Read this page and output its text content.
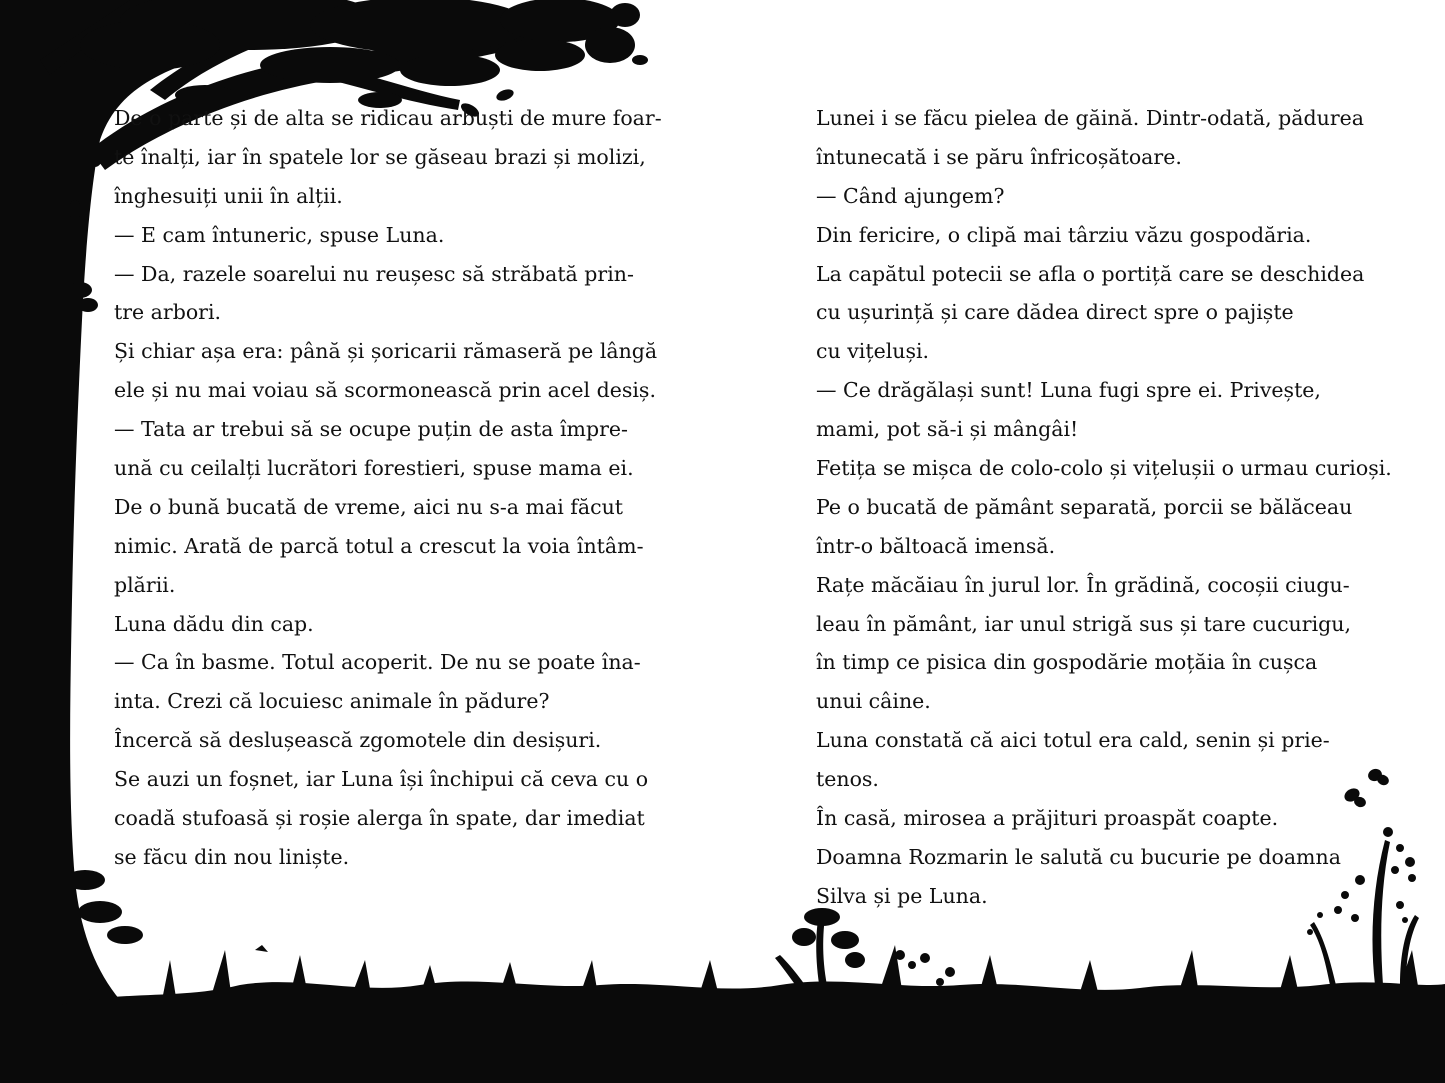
De o parte și de alta se ridicau arbuști de mure foar-
te înalți, iar în spatele lor se găseau brazi și molizi,
înghesuiți unii în alții.
— E cam întuneric, spuse Luna.
— Da, razele soarelui nu reușesc să străbată prin-
tre arbori.
Și chiar așa era: până și șoricarii rămaseră pe lângă
ele și nu mai voiau să scormonească prin acel desiș.
— Tata ar trebui să se ocupe puțin de asta împre-
ună cu ceilalți lucrători forestieri, spuse mama ei.
De o bună bucată de vreme, aici nu s-a mai făcut
nimic. Arată de parcă totul a crescut la voia întâm-
plării.
Luna dădu din cap.
— Ca în basme. Totul acoperit. De nu se poate îna-
inta. Crezi că locuiesc animale în pădure?
Încercă să deslușească zgomotele din desișuri.
Se auzi un foșnet, iar Luna își închipui că ceva cu o
coadă stufoasă și roșie alerga în spate, dar imediat
se făcu din nou liniște.
Lunei i se făcu pielea de găină. Dintr-odată, pădurea
întunecată i se păru înfricoșătoare.
— Când ajungem?
Din fericire, o clipă mai târziu văzu gospodăria.
La capătul potecii se afla o portiță care se deschidea
cu ușurință și care dădea direct spre o pajiște
cu vițeluși.
— Ce drăgălași sunt! Luna fugi spre ei. Privește,
mami, pot să-i și mângâi!
Fetița se mișca de colo-colo și vițelușii o urmau curioși.
Pe o bucată de pământ separată, porcii se bălăceau
într-o băltoacă imensă.
Rațe măcăiau în jurul lor. În grădină, cocoșii ciugu-
leau în pământ, iar unul strigă sus și tare cucurigu,
în timp ce pisica din gospodărie moțăia în cușca
unui câine.
Luna constată că aici totul era cald, senin și prie-
tenos.
În casă, mirosea a prăjituri proaspăt coapte.
Doamna Rozmarin le salută cu bucurie pe doamna
Silva și pe Luna.
